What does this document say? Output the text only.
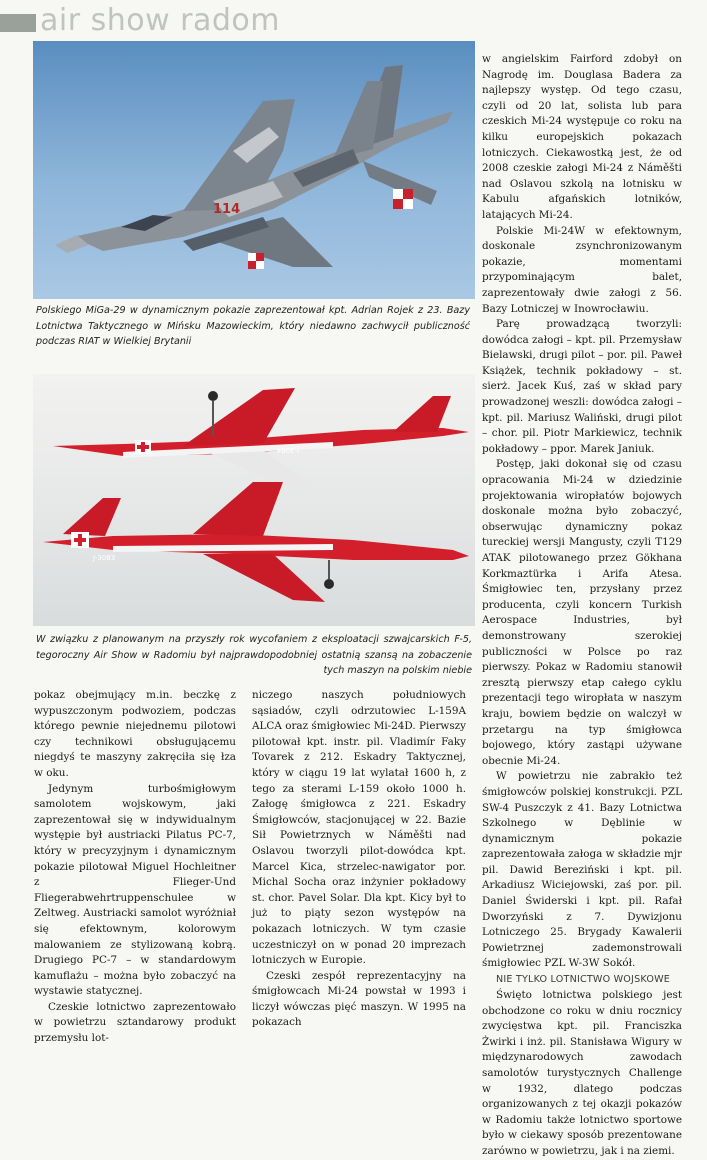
air show radom
114

Polskiego MiGa-29 w dynamicznym pokazie zaprezentował kpt. Adrian Rojek z 23. Bazy Lotnictwa Taktycznego w Mińsku Mazowieckim, który niedawno zachwycił publiczność podczas RIAT w Wielkiej Brytanii

J-3084
J-3083

W związku z planowanym na przyszły rok wycofaniem z eksploatacji szwajcarskich F-5, tegoroczny Air Show w Radomiu był najprawdopodobniej ostatnią szansą na zobaczenie tych maszyn na polskim niebie

pokaz obejmujący m.in. beczkę z wypuszczonym podwoziem, podczas którego pewnie niejednemu pilotowi czy technikowi obsługującemu niegdyś te maszyny zakręciła się łza w oku.

Jedynym turbośmigłowym samolotem wojskowym, jaki zaprezentował się w indywidualnym występie był austriacki Pilatus PC-7, który w precyzyjnym i dynamicznym pokazie pilotował Miguel Hochleitner z Flieger-Und Fliegerabwehrtruppenschulee w Zeltweg. Austriacki samolot wyróżniał się efektownym, kolorowym malowaniem ze stylizowaną kobrą. Drugiego PC-7 – w standardowym kamuflażu – można było zobaczyć na wystawie statycznej.

Czeskie lotnictwo zaprezentowało w powietrzu sztandarowy produkt przemysłu lot-

niczego naszych południowych sąsiadów, czyli odrzutowiec L-159A ALCA oraz śmigłowiec Mi-24D. Pierwszy pilotował kpt. instr. pil. Vladimír Faky Tovarek z 212. Eskadry Taktycznej, który w ciągu 19 lat wylatał 1600 h, z tego za sterami L-159 około 1000 h. Załogę śmigłowca z 221. Eskadry Śmigłowców, stacjonującej w 22. Bazie Sił Powietrznych w Náměšti nad Oslavou tworzyli pilot-dowódca kpt. Marcel Kica, strzelec-nawigator por. Michal Socha oraz inżynier pokładowy st. chor. Pavel Solar. Dla kpt. Kicy był to już to piąty sezon występów na pokazach lotniczych. W tym czasie uczestniczył on w ponad 20 imprezach lotniczych w Europie.

Czeski zespół reprezentacyjny na śmigłowcach Mi-24 powstał w 1993 i liczył wówczas pięć maszyn. W 1995 na pokazach

w angielskim Fairford zdobył on Nagrodę im. Douglasa Badera za najlepszy występ. Od tego czasu, czyli od 20 lat, solista lub para czeskich Mi-24 występuje co roku na kilku europejskich pokazach lotniczych. Ciekawostką jest, że od 2008 czeskie załogi Mi-24 z Náměšti nad Oslavou szkolą na lotnisku w Kabulu afgańskich lotników, latających Mi-24.

Polskie Mi-24W w efektownym, doskonale zsynchronizowanym pokazie, momentami przypominającym balet, zaprezentowały dwie załogi z 56. Bazy Lotniczej w Inowrocławiu.

Parę prowadzącą tworzyli: dowódca załogi – kpt. pil. Przemysław Bielawski, drugi pilot – por. pil. Paweł Książek, technik pokładowy – st. sierż. Jacek Kuś, zaś w skład pary prowadzonej weszli: dowódca załogi – kpt. pil. Mariusz Waliński, drugi pilot – chor. pil. Piotr Markiewicz, technik pokładowy – ppor. Marek Janiuk.

Postęp, jaki dokonał się od czasu opracowania Mi-24 w dziedzinie projektowania wiropłatów bojowych doskonale można było zobaczyć, obserwując dynamiczny pokaz tureckiej wersji Mangusty, czyli T129 ATAK pilotowanego przez Gökhana Korkmaztürka i Arifa Atesa. Śmigłowiec ten, przysłany przez producenta, czyli koncern Turkish Aerospace Industries, był demonstrowany szerokiej publiczności w Polsce po raz pierwszy. Pokaz w Radomiu stanowił zresztą pierwszy etap całego cyklu prezentacji tego wiropłata w naszym kraju, bowiem będzie on walczył w przetargu na typ śmigłowca bojowego, który zastąpi używane obecnie Mi-24.

W powietrzu nie zabrakło też śmigłowców polskiej konstrukcji. PZL SW-4 Puszczyk z 41. Bazy Lotnictwa Szkolnego w Dęblinie w dynamicznym pokazie zaprezentowała załoga w składzie mjr pil. Dawid Bereziński i kpt. pil. Arkadiusz Wiciejowski, zaś por. pil. Daniel Świderski i kpt. pil. Rafał Dworzyński z 7. Dywizjonu Lotniczego 25. Brygady Kawalerii Powietrznej zademonstrowali śmigłowiec PZL W-3W Sokół.

NIE TYLKO LOTNICTWO WOJSKOWE

Święto lotnictwa polskiego jest obchodzone co roku w dniu rocznicy zwycięstwa kpt. pil. Franciszka Żwirki i inż. pil. Stanisława Wigury w międzynarodowych zawodach samolotów turystycznych Challenge w 1932, dlatego podczas organizowanych z tej okazji pokazów w Radomiu także lotnictwo sportowe było w ciekawy sposób prezentowane zarówno w powietrzu, jak i na ziemi.
